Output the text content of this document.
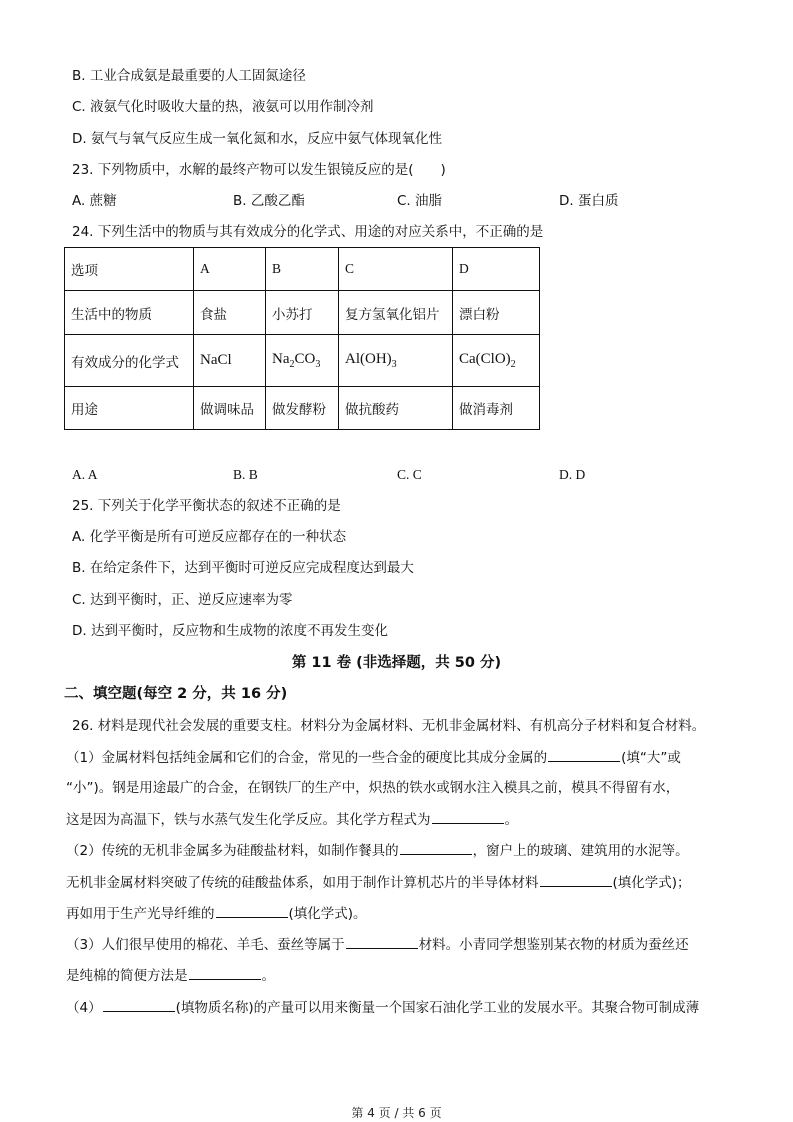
B. 工业合成氨是最重要的人工固氮途径
C. 液氨气化时吸收大量的热，液氨可以用作制冷剂
D. 氨气与氧气反应生成一氧化氮和水，反应中氨气体现氧化性
23. 下列物质中，水解的最终产物可以发生银镜反应的是(　　)
A. 蔗糖	B. 乙酸乙酯	C. 油脂	D. 蛋白质
24. 下列生活中的物质与其有效成分的化学式、用途的对应关系中，不正确的是
选项	A	B	C	D
生活中的物质	食盐	小苏打	复方氢氧化铝片	漂白粉
有效成分的化学式	NaCl	$Na_2CO_3$	$Al(OH)_3$	$Ca(ClO)_2$
用途	做调味品	做发酵粉	做抗酸药	做消毒剂
A. A	B. B	C. C	D. D
25. 下列关于化学平衡状态的叙述不正确的是
A. 化学平衡是所有可逆反应都存在的一种状态
B. 在给定条件下，达到平衡时可逆反应完成程度达到最大
C. 达到平衡时，正、逆反应速率为零
D. 达到平衡时，反应物和生成物的浓度不再发生变化
第 11 卷 (非选择题，共 50 分)
二、填空题(每空 2 分，共 16 分)
26. 材料是现代社会发展的重要支柱。材料分为金属材料、无机非金属材料、有机高分子材料和复合材料。
（1）金属材料包括纯金属和它们的合金，常见的一些合金的硬度比其成分金属的	(填“大”或
“小”)。钢是用途最广的合金，在钢铁厂的生产中，炽热的铁水或钢水注入模具之前，模具不得留有水，
这是因为高温下，铁与水蒸气发生化学反应。其化学方程式为	。
（2）传统的无机非金属多为硅酸盐材料，如制作餐具的	，窗户上的玻璃、建筑用的水泥等。
无机非金属材料突破了传统的硅酸盐体系，如用于制作计算机芯片的半导体材料	(填化学式)；
再如用于生产光导纤维的	(填化学式)。
（3）人们很早使用的棉花、羊毛、蚕丝等属于	材料。小青同学想鉴别某衣物的材质为蚕丝还
是纯棉的简便方法是	。
（4）	(填物质名称)的产量可以用来衡量一个国家石油化学工业的发展水平。其聚合物可制成薄
第 4 页 / 共 6 页
